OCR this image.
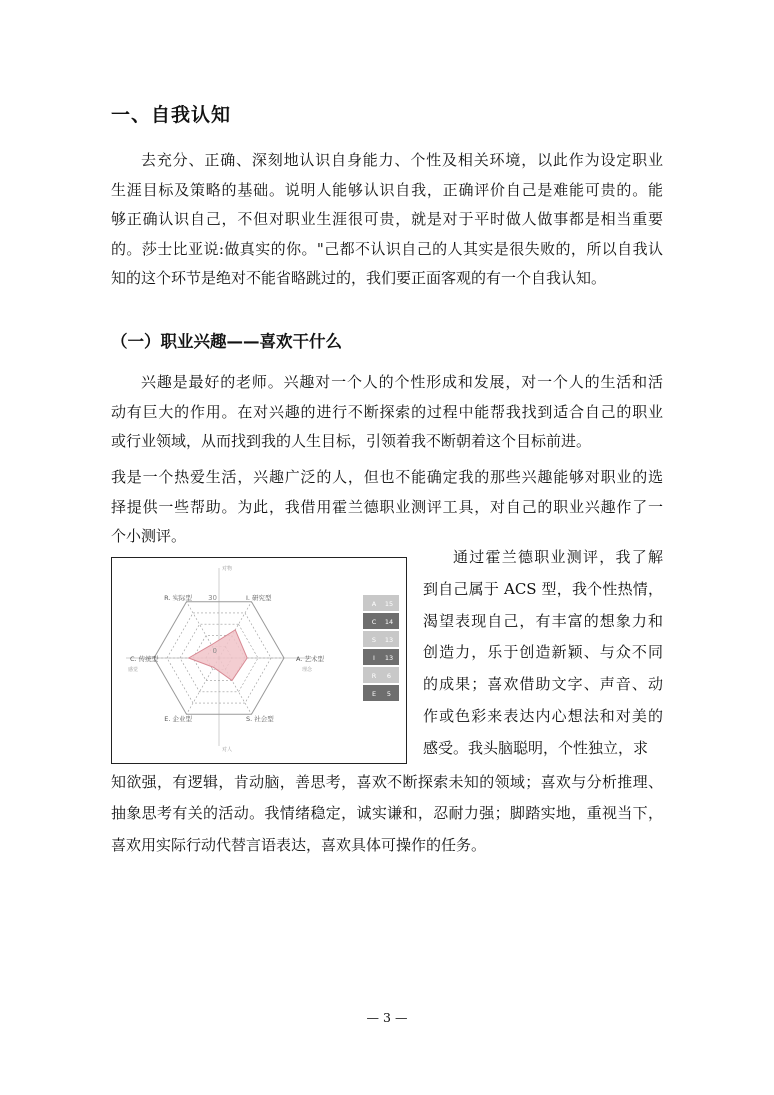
一、自我认知
去充分、正确、深刻地认识自身能力、个性及相关环境，以此作为设定职业
生涯目标及策略的基础。说明人能够认识自我，正确评价自己是难能可贵的。能
够正确认识自己，不但对职业生涯很可贵，就是对于平时做人做事都是相当重要
的。莎士比亚说:做真实的你。"己都不认识自己的人其实是很失败的，所以自我认
知的这个环节是绝对不能省略跳过的，我们要正面客观的有一个自我认知。
（一）职业兴趣——喜欢干什么
兴趣是最好的老师。兴趣对一个人的个性形成和发展，对一个人的生活和活
动有巨大的作用。在对兴趣的进行不断探索的过程中能帮我找到适合自己的职业
或行业领域，从而找到我的人生目标，引领着我不断朝着这个目标前进。
我是一个热爱生活，兴趣广泛的人，但也不能确定我的那些兴趣能够对职业的选
择提供一些帮助。为此，我借用霍兰德职业测评工具，对自己的职业兴趣作了一
个小测评。
I. 研究型
A. 艺术型
S. 社会型
E. 企业型
C. 传统型
R. 实际型 30
0
对物
对人
感觉	理念
A 15
C 14
S 13
I 13
R 6
E 5
通过霍兰德职业测评，我了解
到自己属于 ACS 型，我个性热情，
渴望表现自己，有丰富的想象力和
创造力，乐于创造新颖、与众不同
的成果；喜欢借助文字、声音、动
作或色彩来表达内心想法和对美的
感受。我头脑聪明，个性独立，求
知欲强，有逻辑，肯动脑，善思考，喜欢不断探索未知的领域；喜欢与分析推理、
抽象思考有关的活动。我情绪稳定，诚实谦和，忍耐力强；脚踏实地，重视当下，
喜欢用实际行动代替言语表达，喜欢具体可操作的任务。
— 3 —
